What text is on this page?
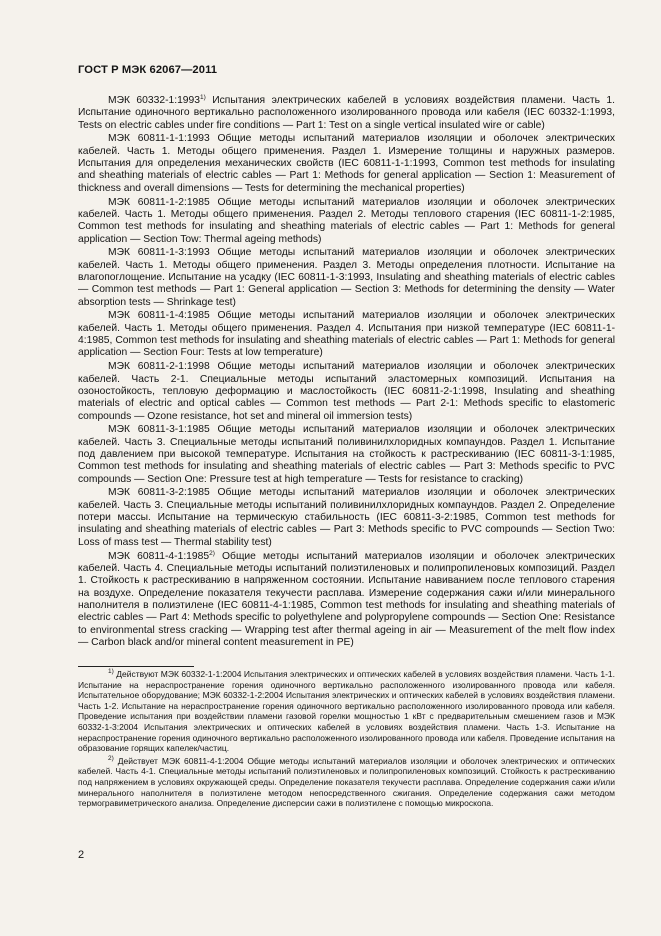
ГОСТ Р МЭК 62067—2011

МЭК 60332-1:1993$^{1)}$ Испытания электрических кабелей в условиях воздействия пламени. Часть 1. Испытание одиночного вертикально расположенного изолированного провода или кабеля (IEC 60332-1:1993, Tests on electric cables under fire conditions — Part 1: Test on a single vertical insulated wire or cable)

МЭК 60811-1-1:1993 Общие методы испытаний материалов изоляции и оболочек электрических кабелей. Часть 1. Методы общего применения. Раздел 1. Измерение толщины и наружных размеров. Испытания для определения механических свойств (IEC 60811-1-1:1993, Common test methods for insulating and sheathing materials of electric cables — Part 1: Methods for general application — Section 1: Measurement of thickness and overall dimensions — Tests for determining the mechanical properties)

МЭК 60811-1-2:1985 Общие методы испытаний материалов изоляции и оболочек электрических кабелей. Часть 1. Методы общего применения. Раздел 2. Методы теплового старения (IEC 60811-1-2:1985, Common test methods for insulating and sheathing materials of electric cables — Part 1: Methods for general application — Section Tow: Thermal ageing methods)

МЭК 60811-1-3:1993 Общие методы испытаний материалов изоляции и оболочек электрических кабелей. Часть 1. Методы общего применения. Раздел 3. Методы определения плотности. Испытание на влагопоглощение. Испытание на усадку (IEC 60811-1-3:1993, Insulating and sheathing materials of electric cables — Common test methods — Part 1: General application — Section 3: Methods for determining the density — Water absorption tests — Shrinkage test)

МЭК 60811-1-4:1985 Общие методы испытаний материалов изоляции и оболочек электрических кабелей. Часть 1. Методы общего применения. Раздел 4. Испытания при низкой температуре (IEC 60811-1-4:1985, Common test methods for insulating and sheathing materials of electric cables — Part 1: Methods for general application — Section Four: Tests at low temperature)

МЭК 60811-2-1:1998 Общие методы испытаний материалов изоляции и оболочек электрических кабелей. Часть 2-1. Специальные методы испытаний эластомерных композиций. Испытания на озоностойкость, тепловую деформацию и маслостойкость (IEC 60811-2-1:1998, Insulating and sheathing materials of electric and optical cables — Common test methods — Part 2-1: Methods specific to elastomeric compounds — Ozone resistance, hot set and mineral oil immersion tests)

МЭК 60811-3-1:1985 Общие методы испытаний материалов изоляции и оболочек электрических кабелей. Часть 3. Специальные методы испытаний поливинилхлоридных компаундов. Раздел 1. Испытание под давлением при высокой температуре. Испытания на стойкость к растрескиванию (IEC 60811-3-1:1985, Common test methods for insulating and sheathing materials of electric cables — Part 3: Methods specific to PVC compounds — Section One: Pressure test at high temperature — Tests for resistance to cracking)

МЭК 60811-3-2:1985 Общие методы испытаний материалов изоляции и оболочек электрических кабелей. Часть 3. Специальные методы испытаний поливинилхлоридных компаундов. Раздел 2. Определение потери массы. Испытание на термическую стабильность (IEC 60811-3-2:1985, Common test methods for insulating and sheathing materials of electric cables — Part 3: Methods specific to PVC compounds — Section Two: Loss of mass test — Thermal stability test)

МЭК 60811-4-1:1985$^{2)}$ Общие методы испытаний материалов изоляции и оболочек электрических кабелей. Часть 4. Специальные методы испытаний полиэтиленовых и полипропиленовых композиций. Раздел 1. Стойкость к растрескиванию в напряженном состоянии. Испытание навиванием после теплового старения на воздухе. Определение показателя текучести расплава. Измерение содержания сажи и/или минерального наполнителя в полиэтилене (IEC 60811-4-1:1985, Common test methods for insulating and sheathing materials of electric cables — Part 4: Methods specific to polyethylene and polypropylene compounds — Section One: Resistance to environmental stress cracking — Wrapping test after thermal ageing in air — Measurement of the melt flow index — Carbon black and/or mineral content measurement in PE)

$^{1)}$ Действуют МЭК 60332-1-1:2004 Испытания электрических и оптических кабелей в условиях воздействия пламени. Часть 1-1. Испытание на нераспространение горения одиночного вертикально расположенного изолированного провода или кабеля. Испытательное оборудование; МЭК 60332-1-2:2004 Испытания электрических и оптических кабелей в условиях воздействия пламени. Часть 1-2. Испытание на нераспространение горения одиночного вертикально расположенного изолированного провода или кабеля. Проведение испытания при воздействии пламени газовой горелки мощностью 1 кВт с предварительным смешением газов и МЭК 60332-1-3:2004 Испытания электрических и оптических кабелей в условиях воздействия пламени. Часть 1-3. Испытание на нераспространение горения одиночного вертикально расположенного изолированного провода или кабеля. Проведение испытания на образование горящих капелек/частиц.

$^{2)}$ Действует МЭК 60811-4-1:2004 Общие методы испытаний материалов изоляции и оболочек электрических и оптических кабелей. Часть 4-1. Специальные методы испытаний полиэтиленовых и полипропиленовых композиций. Стойкость к растрескиванию под напряжением в условиях окружающей среды. Определение показателя текучести расплава. Определение содержания сажи и/или минерального наполнителя в полиэтилене методом непосредственного сжигания. Определение содержания сажи методом термогравиметрического анализа. Определение дисперсии сажи в полиэтилене с помощью микроскопа.

2
